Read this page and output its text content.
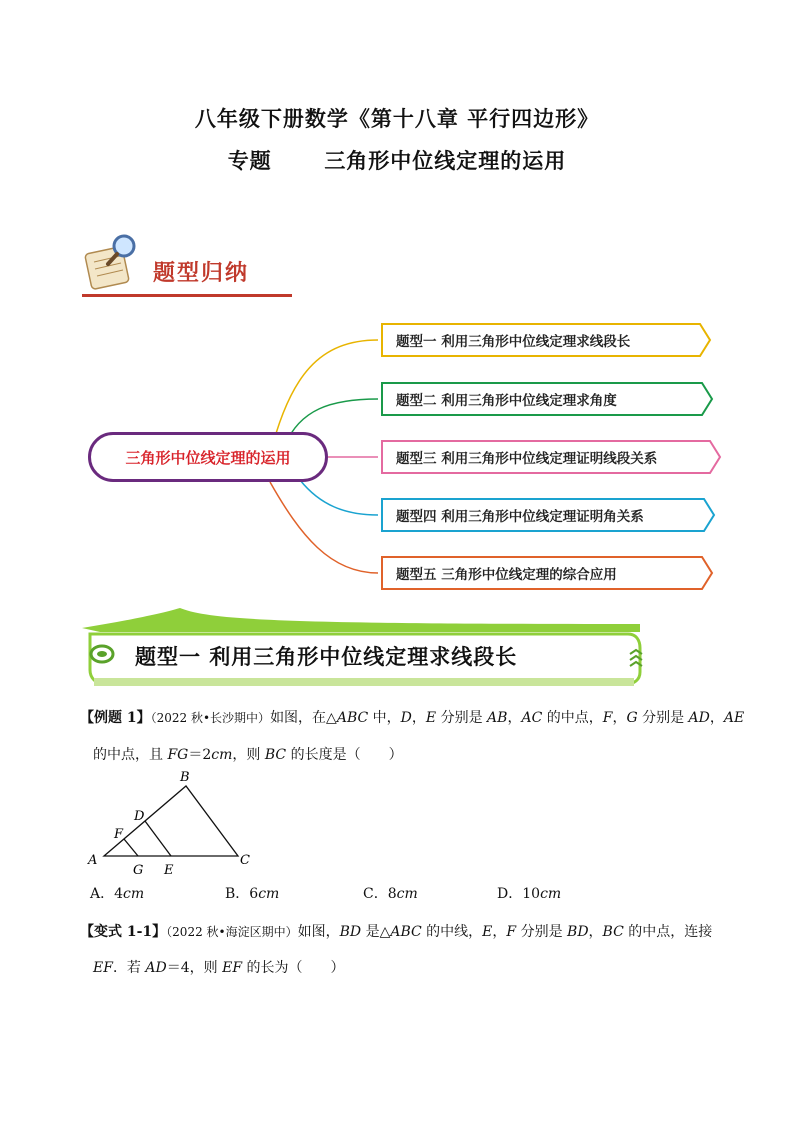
八年级下册数学《第十八章 平行四边形》
专题	三角形中位线定理的运用
题型归纳
三角形中位线定理的运用
题型一 利用三角形中位线定理求线段长
题型二 利用三角形中位线定理求角度
题型三 利用三角形中位线定理证明线段关系
题型四 利用三角形中位线定理证明角关系
题型五 三角形中位线定理的综合应用
题型一 利用三角形中位线定理求线段长
【例题 1】（2022 秋•长沙期中）如图，在△ABC 中，D，E 分别是 AB，AC 的中点，F，G 分别是 AD，AE
的中点，且 FG＝2cm，则 BC 的长度是（　　）
A
B
C
D
E
F
G
A．4cm	B．6cm	C．8cm	D．10cm
【变式 1-1】（2022 秋•海淀区期中）如图，BD 是△ABC 的中线，E，F 分别是 BD，BC 的中点，连接
EF．若 AD＝4，则 EF 的长为（　　）
